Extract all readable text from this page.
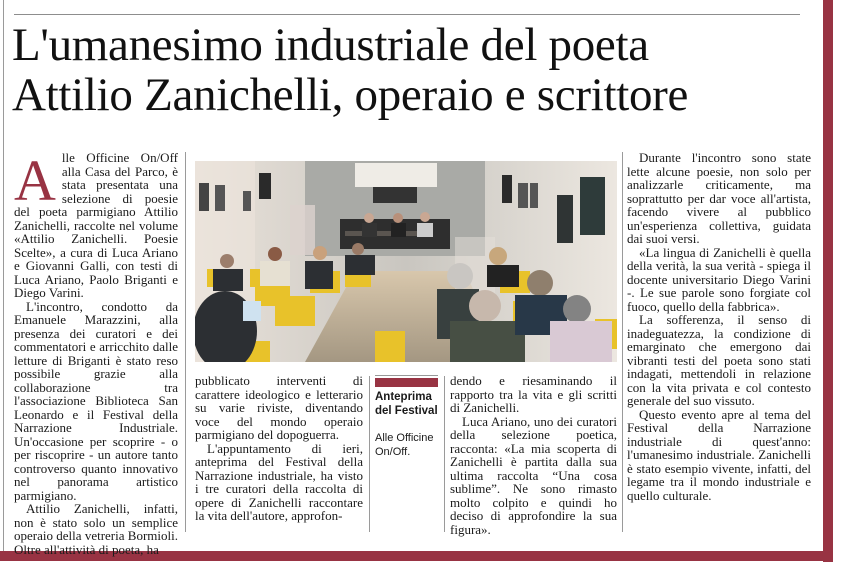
L'umanesimo industriale del poeta
Attilio Zanichelli, operaio e scrittore

Alle Officine On/Off alla Casa del Parco, è stata presentata una selezione di poesie del poeta parmigiano Attilio Zanichelli, raccolte nel volume «Attilio Zanichelli. Poesie Scelte», a cura di Luca Ariano e Giovanni Galli, con testi di Luca Ariano, Paolo Briganti e Diego Varini.

L'incontro, condotto da Emanuele Marazzini, alla presenza dei curatori e dei commentatori e arricchito dalle letture di Briganti è stato reso possibile grazie alla collaborazione tra l'associazione Biblioteca San Leonardo e il Festival della Narrazione Industriale. Un'occasione per scoprire - o per riscoprire - un autore tanto controverso quanto innovativo nel panorama artistico parmigiano.

Attilio Zanichelli, infatti, non è stato solo un semplice operaio della vetreria Bormioli. Oltre all'attività di poeta, ha

pubblicato interventi di carattere ideologico e letterario su varie riviste, diventando voce del mondo operaio parmigiano del dopoguerra.

L'appuntamento di ieri, anteprima del Festival della Narrazione industriale, ha visto i tre curatori della raccolta di opere di Zanichelli raccontare la vita dell'autore, approfon-

Anteprima del Festival
Alle Officine On/Off.

dendo e riesaminando il rapporto tra la vita e gli scritti di Zanichelli.

Luca Ariano, uno dei curatori della selezione poetica, racconta: «La mia scoperta di Zanichelli è partita dalla sua ultima raccolta “Una cosa sublime”. Ne sono rimasto molto colpito e quindi ho deciso di approfondire la sua figura».

Durante l'incontro sono state lette alcune poesie, non solo per analizzarle criticamente, ma soprattutto per dar voce all'artista, facendo vivere al pubblico un'esperienza collettiva, guidata dai suoi versi.

«La lingua di Zanichelli è quella della verità, la sua verità - spiega il docente universitario Diego Varini -. Le sue parole sono forgiate col fuoco, quello della fabbrica».

La sofferenza, il senso di inadeguatezza, la condizione di emarginato che emergono dai vibranti testi del poeta sono stati indagati, mettendoli in relazione con la vita privata e col contesto generale del suo vissuto.

Questo evento apre al tema del Festival della Narrazione industriale di quest'anno: l'umanesimo industriale. Zanichelli è stato esempio vivente, infatti, del legame tra il mondo industriale e quello culturale.
